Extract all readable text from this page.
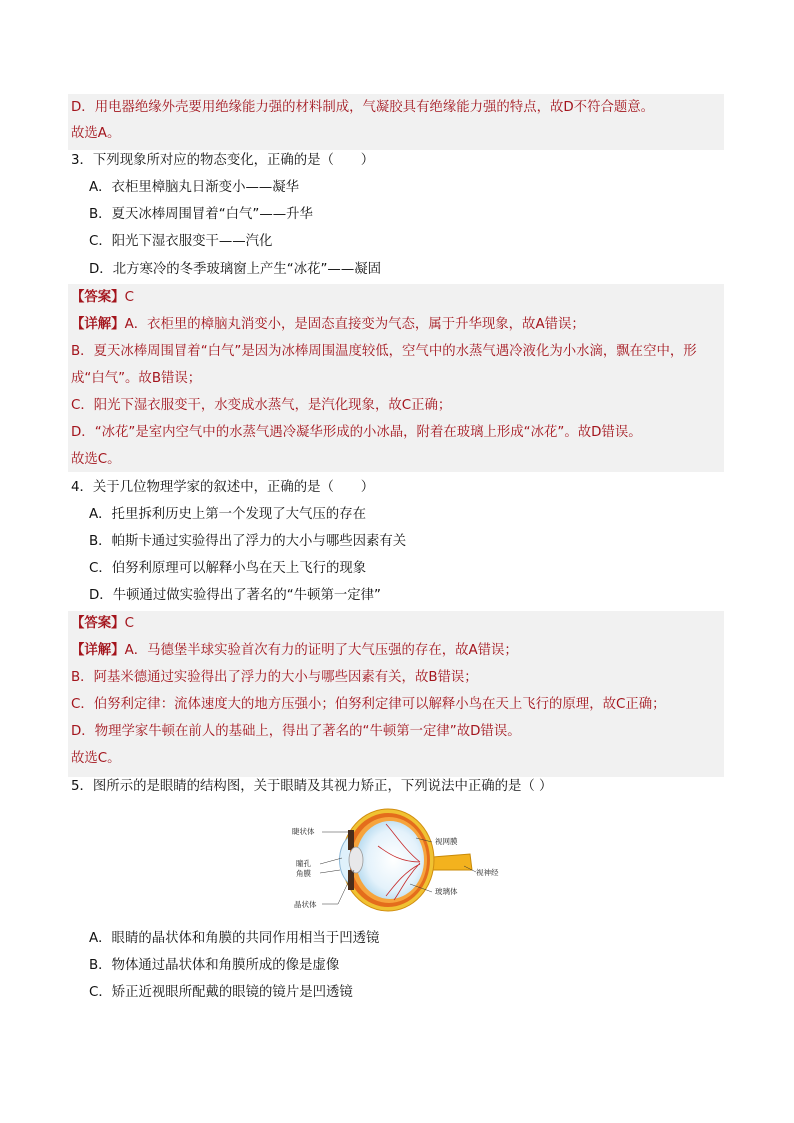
D．用电器绝缘外壳要用绝缘能力强的材料制成，气凝胶具有绝缘能力强的特点，故D不符合题意。
故选A。
3．下列现象所对应的物态变化，正确的是（　　）
A．衣柜里樟脑丸日渐变小——凝华
B．夏天冰棒周围冒着“白气”——升华
C．阳光下湿衣服变干——汽化
D．北方寒冷的冬季玻璃窗上产生“冰花”——凝固
【答案】C
【详解】A．衣柜里的樟脑丸消变小，是固态直接变为气态，属于升华现象，故A错误；
B．夏天冰棒周围冒着“白气”是因为冰棒周围温度较低，空气中的水蒸气遇冷液化为小水滴，飘在空中，形
成“白气”。故B错误；
C．阳光下湿衣服变干，水变成水蒸气，是汽化现象，故C正确；
D．“冰花”是室内空气中的水蒸气遇冷凝华形成的小冰晶，附着在玻璃上形成“冰花”。故D错误。
故选C。
4．关于几位物理学家的叙述中，正确的是（　　）
A．托里拆利历史上第一个发现了大气压的存在
B．帕斯卡通过实验得出了浮力的大小与哪些因素有关
C．伯努利原理可以解释小鸟在天上飞行的现象
D．牛顿通过做实验得出了著名的“牛顿第一定律”
【答案】C
【详解】A．马德堡半球实验首次有力的证明了大气压强的存在，故A错误；
B．阿基米德通过实验得出了浮力的大小与哪些因素有关，故B错误；
C．伯努利定律：流体速度大的地方压强小；伯努利定律可以解释小鸟在天上飞行的原理，故C正确；
D．物理学家牛顿在前人的基础上，得出了著名的“牛顿第一定律”故D错误。
故选C。
5．图所示的是眼睛的结构图，关于眼睛及其视力矫正，下列说法中正确的是（ ）
睫状体
瞳孔
角膜
晶状体
视网膜
视神经
玻璃体
A．眼睛的晶状体和角膜的共同作用相当于凹透镜
B．物体通过晶状体和角膜所成的像是虚像
C．矫正近视眼所配戴的眼镜的镜片是凹透镜
